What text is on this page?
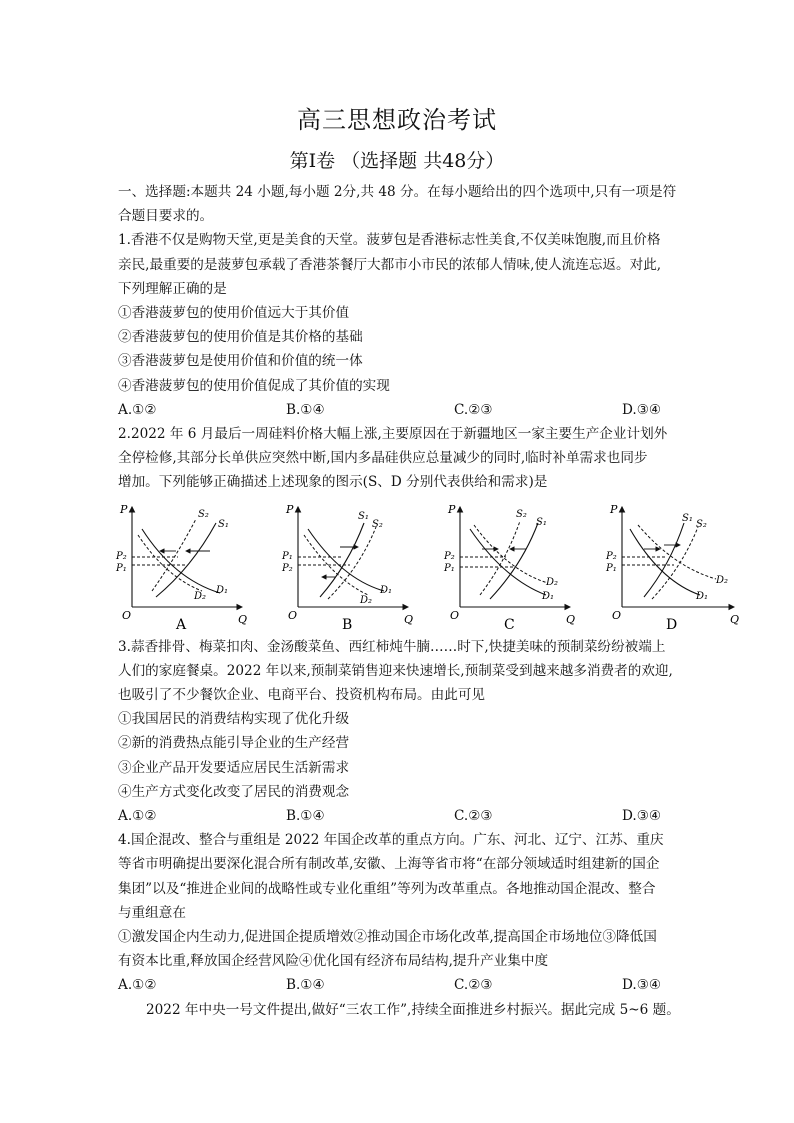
高三思想政治考试
第Ⅰ卷 （选择题 共48分）
一、选择题:本题共 24 小题,每小题 2分,共 48 分。在每小题给出的四个选项中,只有一项是符
合题目要求的。
1.香港不仅是购物天堂,更是美食的天堂。菠萝包是香港标志性美食,不仅美味饱腹,而且价格
亲民,最重要的是菠萝包承载了香港茶餐厅大都市小市民的浓郁人情味,使人流连忘返。对此,
下列理解正确的是
①香港菠萝包的使用价值远大于其价值
②香港菠萝包的使用价值是其价格的基础
③香港菠萝包是使用价值和价值的统一体
④香港菠萝包的使用价值促成了其价值的实现
A.①②	B.①④	C.②③	D.③④
2.2022 年 6 月最后一周硅料价格大幅上涨,主要原因在于新疆地区一家主要生产企业计划外
全停检修,其部分长单供应突然中断,国内多晶硅供应总量减少的同时,临时补单需求也同步
增加。下列能够正确描述上述现象的图示(S、D 分别代表供给和需求)是
P
Q
O
P₂
P₁
S₂
S₁
D₂
D₁
A
P
Q
O
P₁
P₂
S₁
S₂
D₂
D₁
B
P
Q
O
P₂
P₁
S₂
S₁
D₂
D₁
C
P
Q
O
P₂
P₁
S₁
S₂
D₂
D₁
D
3.蒜香排骨、梅菜扣肉、金汤酸菜鱼、西红柿炖牛腩……时下,快捷美味的预制菜纷纷被端上
人们的家庭餐桌。2022 年以来,预制菜销售迎来快速增长,预制菜受到越来越多消费者的欢迎,
也吸引了不少餐饮企业、电商平台、投资机构布局。由此可见
①我国居民的消费结构实现了优化升级
②新的消费热点能引导企业的生产经营
③企业产品开发要适应居民生活新需求
④生产方式变化改变了居民的消费观念
A.①②	B.①④	C.②③	D.③④
4.国企混改、整合与重组是 2022 年国企改革的重点方向。广东、河北、辽宁、江苏、重庆
等省市明确提出要深化混合所有制改革,安徽、上海等省市将“在部分领域适时组建新的国企
集团”以及“推进企业间的战略性或专业化重组”等列为改革重点。各地推动国企混改、整合
与重组意在
①激发国企内生动力,促进国企提质增效②推动国企市场化改革,提高国企市场地位③降低国
有资本比重,释放国企经营风险④优化国有经济布局结构,提升产业集中度
A.①②	B.①④	C.②③	D.③④
2022 年中央一号文件提出,做好“三农工作”,持续全面推进乡村振兴。据此完成 5~6 题。
